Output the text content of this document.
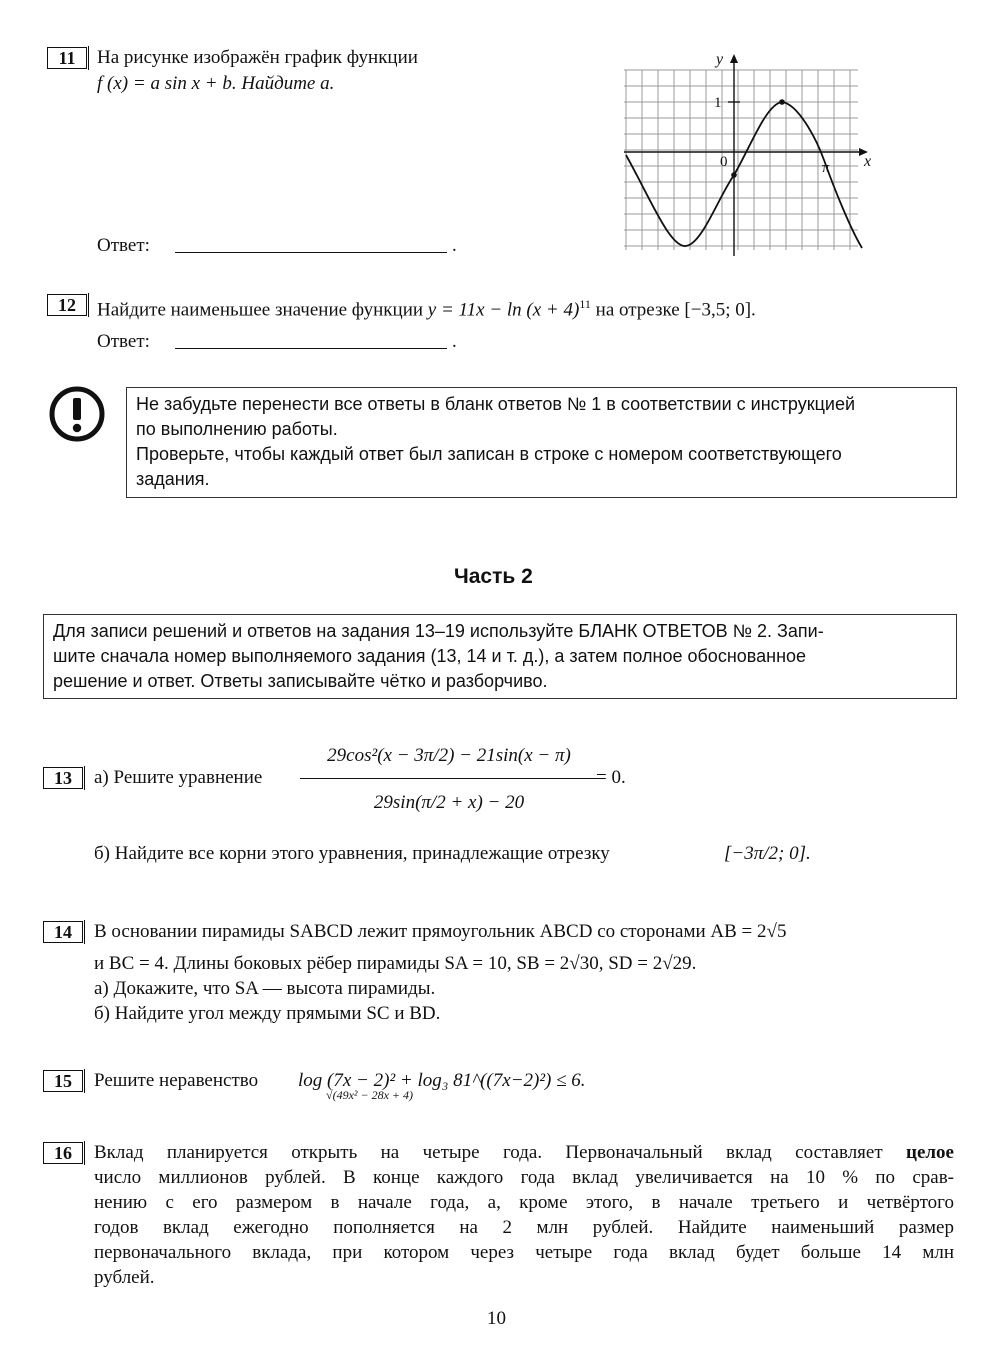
11	На рисунке изображён график функции
f (x) = a sin x + b. Найдите a.
Ответ:	.
y
x
1
0	π
12	Найдите наименьшее значение функции $y = 11x - \ln (x + 4)^{11}$ на отрезке [−3,5; 0].
Ответ:	.
Не забудьте перенести все ответы в бланк ответов № 1 в соответствии с инструкцией
по выполнению работы.
Проверьте, чтобы каждый ответ был записан в строке с номером соответствующего
задания.
Часть 2
Для записи решений и ответов на задания 13–19 используйте БЛАНК ОТВЕТОВ № 2. Запи-
шите сначала номер выполняемого задания (13, 14 и т. д.), а затем полное обоснованное
решение и ответ. Ответы записывайте чётко и разборчиво.
13	а) Решите уравнение $\frac{\text{29cos²(x − 3π/2) − 21sin(x − π)}}{29\sin(\pi/2 + x) - 20}$
= 0.
б) Найдите все корни этого уравнения, принадлежащие отрезку	[−3π/2; 0].
14	В основании пирамиды SABCD лежит прямоугольник ABCD со сторонами AB = 2√5
и BC = 4. Длины боковых рёбер пирамиды SA = 10, SB = 2√30, SD = 2√29.
а) Докажите, что SA — высота пирамиды.
б) Найдите угол между прямыми SC и BD.
15	Решите неравенство log (7x − 2)² + log₃ 81^((7x−2)²) ≤ 6.
√(49x² − 28x + 4)
16	Вклад планируется открыть на четыре года. Первоначальный вклад составляет целое
число миллионов рублей. В конце каждого года вклад увеличивается на 10 % по срав-
нению с его размером в начале года, а, кроме этого, в начале третьего и четвёртого
годов вклад ежегодно пополняется на 2 млн рублей. Найдите наименьший размер
первоначального вклада, при котором через четыре года вклад будет больше 14 млн
рублей.
10
